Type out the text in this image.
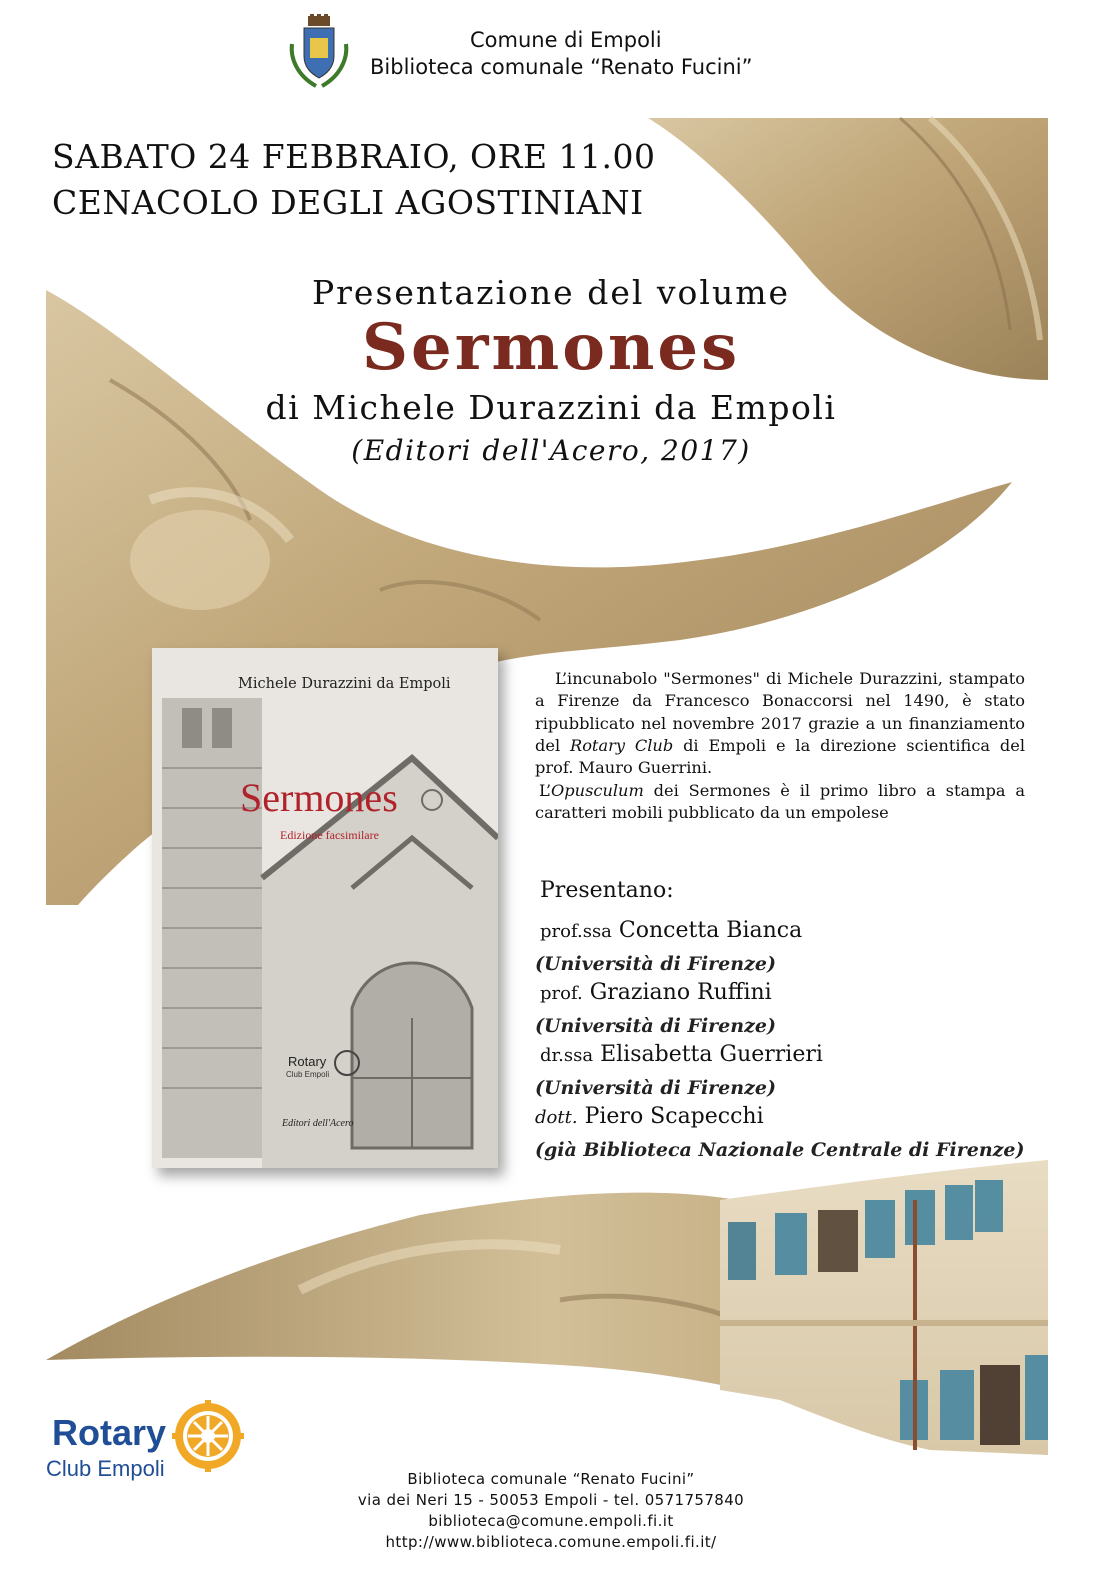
Comune di Empoli
Biblioteca comunale “Renato Fucini”
SABATO 24 FEBBRAIO, ORE 11.00
CENACOLO DEGLI AGOSTINIANI
Presentazione del volume
Sermones
di Michele Durazzini da Empoli
(Editori dell'Acero, 2017)
Michele Durazzini da Empoli
Sermones
Edizione facsimilare
Rotary
Club Empoli
Editori dell'Acero
L’incunabolo "Sermones" di Michele Durazzini, stampato a Firenze da Francesco Bonaccorsi nel 1490, è stato ripubblicato nel novembre 2017 grazie a un finanziamento del Rotary Club di Empoli e la direzione scientifica del prof. Mauro Guerrini.
L’Opusculum dei Sermones è il primo libro a stampa a caratteri mobili pubblicato da un empolese
Presentano:
prof.ssa Concetta Bianca
(Università di Firenze)
prof. Graziano Ruffini
(Università di Firenze)
dr.ssa Elisabetta Guerrieri
(Università di Firenze)
dott. Piero Scapecchi
(già Biblioteca Nazionale Centrale di Firenze)
Rotary
Club Empoli	Biblioteca comunale “Renato Fucini”
via dei Neri 15 - 50053 Empoli - tel. 0571757840
biblioteca@comune.empoli.fi.it
http://www.biblioteca.comune.empoli.fi.it/
